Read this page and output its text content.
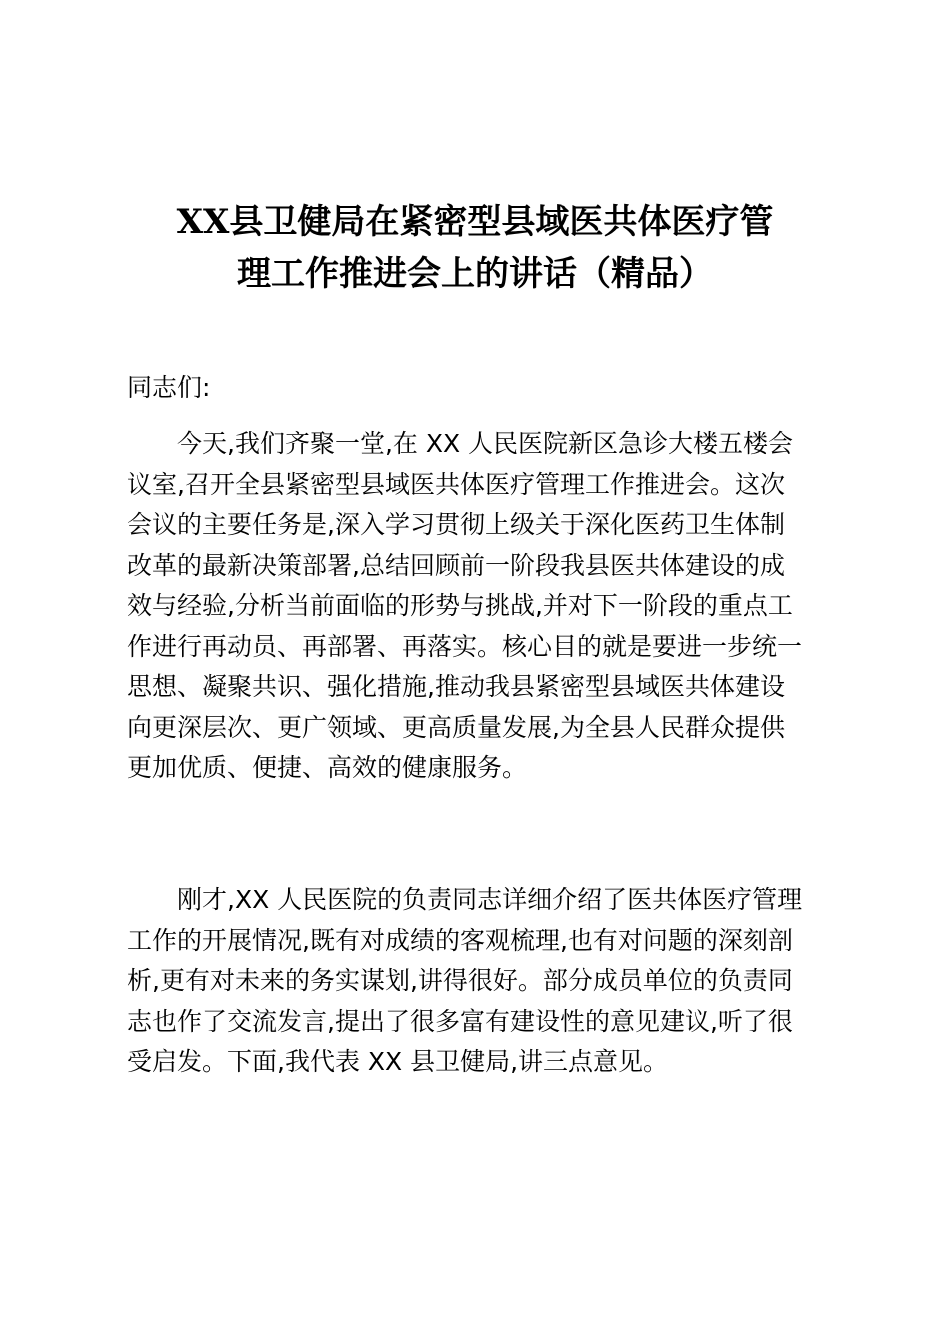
XX县卫健局在紧密型县域医共体医疗管
理工作推进会上的讲话（精品）

同志们:

今天,我们齐聚一堂,在 XX 人民医院新区急诊大楼五楼会
议室,召开全县紧密型县域医共体医疗管理工作推进会。这次
会议的主要任务是,深入学习贯彻上级关于深化医药卫生体制
改革的最新决策部署,总结回顾前一阶段我县医共体建设的成
效与经验,分析当前面临的形势与挑战,并对下一阶段的重点工
作进行再动员、再部署、再落实。核心目的就是要进一步统一
思想、凝聚共识、强化措施,推动我县紧密型县域医共体建设
向更深层次、更广领域、更高质量发展,为全县人民群众提供
更加优质、便捷、高效的健康服务。
刚才,XX 人民医院的负责同志详细介绍了医共体医疗管理
工作的开展情况,既有对成绩的客观梳理,也有对问题的深刻剖
析,更有对未来的务实谋划,讲得很好。部分成员单位的负责同
志也作了交流发言,提出了很多富有建设性的意见建议,听了很
受启发。下面,我代表 XX 县卫健局,讲三点意见。
